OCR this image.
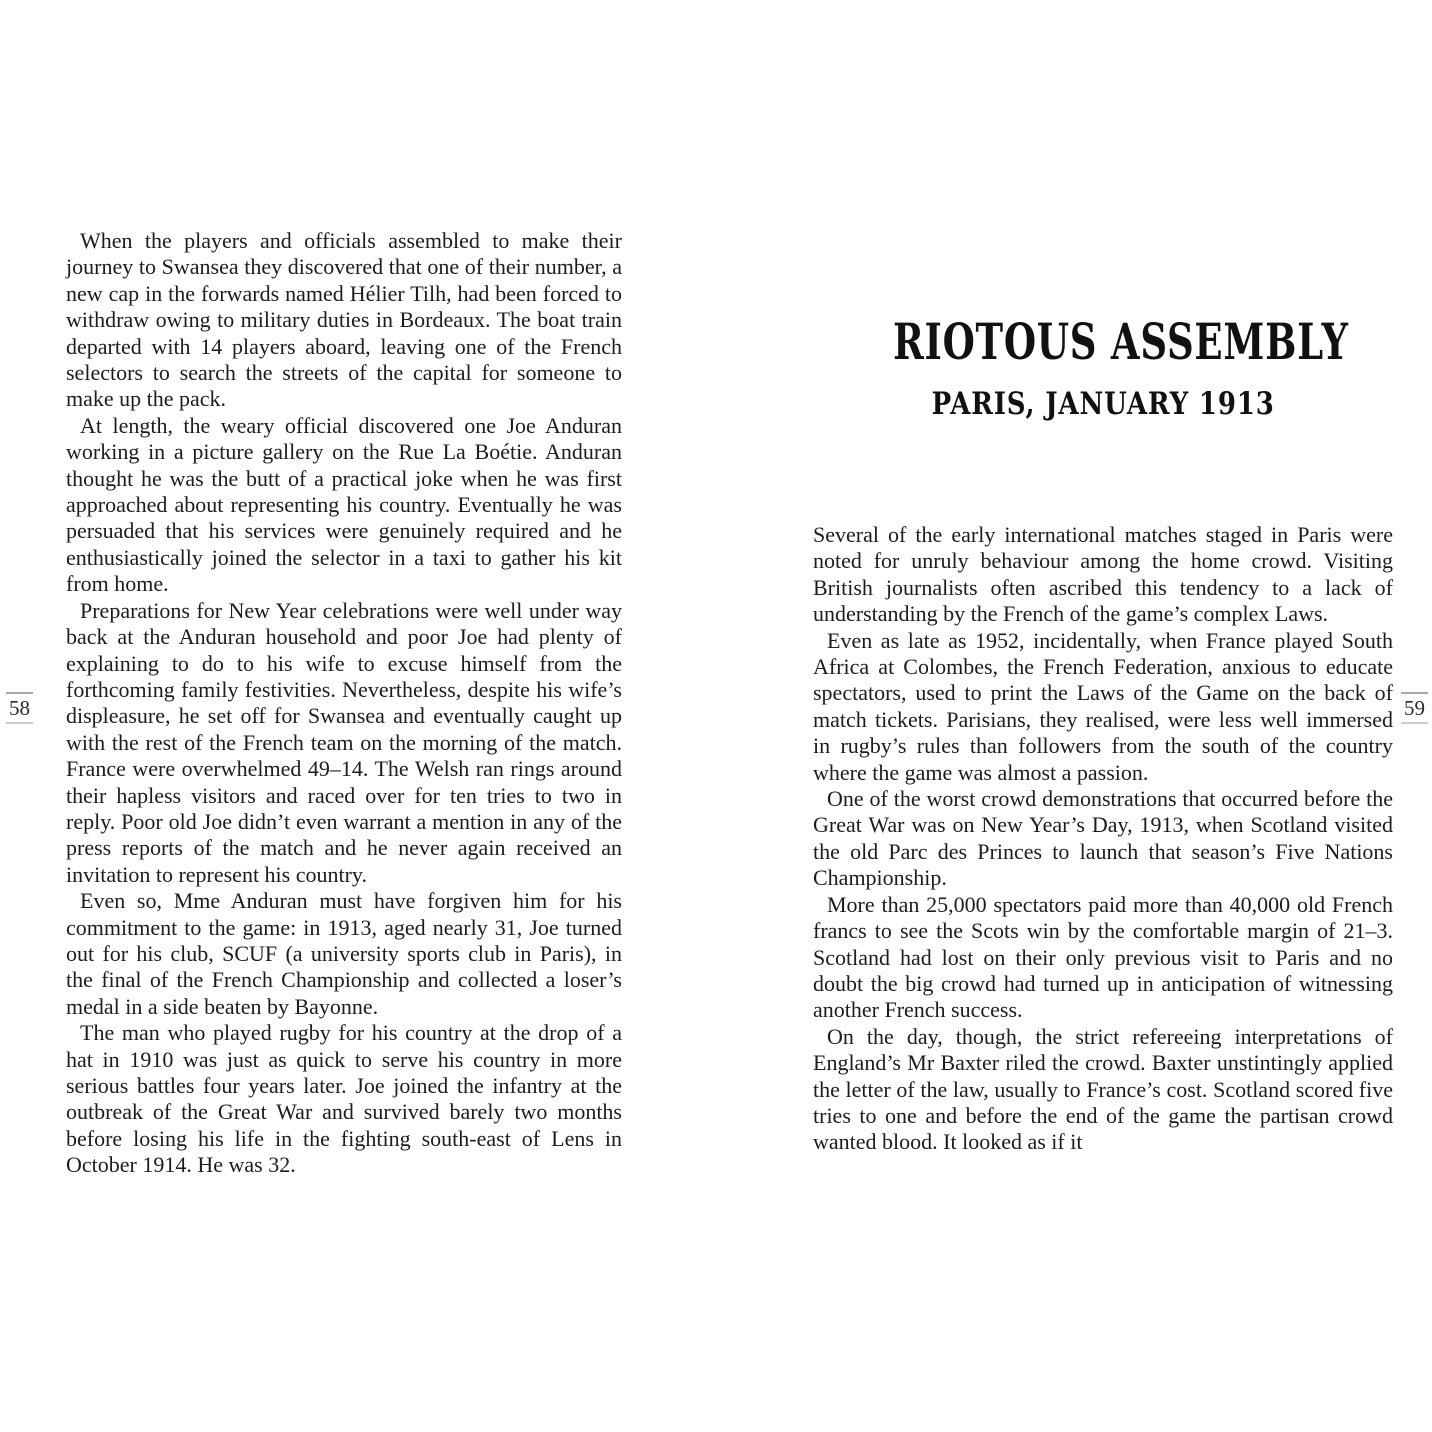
When the players and officials assembled to make their journey to Swansea they discovered that one of their number, a new cap in the forwards named Hélier Tilh, had been forced to withdraw owing to military duties in Bordeaux. The boat train departed with 14 players aboard, leaving one of the French selectors to search the streets of the capital for someone to make up the pack.

At length, the weary official discovered one Joe Anduran working in a picture gallery on the Rue La Boétie. Anduran thought he was the butt of a practical joke when he was first approached about representing his country. Eventually he was persuaded that his services were genuinely required and he enthusiastically joined the selector in a taxi to gather his kit from home.

Preparations for New Year celebrations were well under way back at the Anduran household and poor Joe had plenty of explaining to do to his wife to excuse himself from the forthcoming family festivities. Nevertheless, despite his wife’s displeasure, he set off for Swansea and eventually caught up with the rest of the French team on the morning of the match. France were overwhelmed 49–14. The Welsh ran rings around their hapless visitors and raced over for ten tries to two in reply. Poor old Joe didn’t even warrant a mention in any of the press reports of the match and he never again received an invitation to represent his country.

Even so, Mme Anduran must have forgiven him for his commitment to the game: in 1913, aged nearly 31, Joe turned out for his club, SCUF (a university sports club in Paris), in the final of the French Championship and collected a loser’s medal in a side beaten by Bayonne.

The man who played rugby for his country at the drop of a hat in 1910 was just as quick to serve his country in more serious battles four years later. Joe joined the infantry at the outbreak of the Great War and survived barely two months before losing his life in the fighting south-east of Lens in October 1914. He was 32.

RIOTOUS ASSEMBLY
PARIS, JANUARY 1913

Several of the early international matches staged in Paris were noted for unruly behaviour among the home crowd. Visiting British journalists often ascribed this tendency to a lack of understanding by the French of the game’s complex Laws.

Even as late as 1952, incidentally, when France played South Africa at Colombes, the French Federation, anxious to educate spectators, used to print the Laws of the Game on the back of match tickets. Parisians, they realised, were less well immersed in rugby’s rules than followers from the south of the country where the game was almost a passion.

One of the worst crowd demonstrations that occurred before the Great War was on New Year’s Day, 1913, when Scotland visited the old Parc des Princes to launch that season’s Five Nations Championship.

More than 25,000 spectators paid more than 40,000 old French francs to see the Scots win by the comfortable margin of 21–3. Scotland had lost on their only previous visit to Paris and no doubt the big crowd had turned up in anticipation of witnessing another French success.

On the day, though, the strict refereeing interpretations of England’s Mr Baxter riled the crowd. Baxter unstintingly applied the letter of the law, usually to France’s cost. Scotland scored five tries to one and before the end of the game the partisan crowd wanted blood. It looked as if it

58	59
